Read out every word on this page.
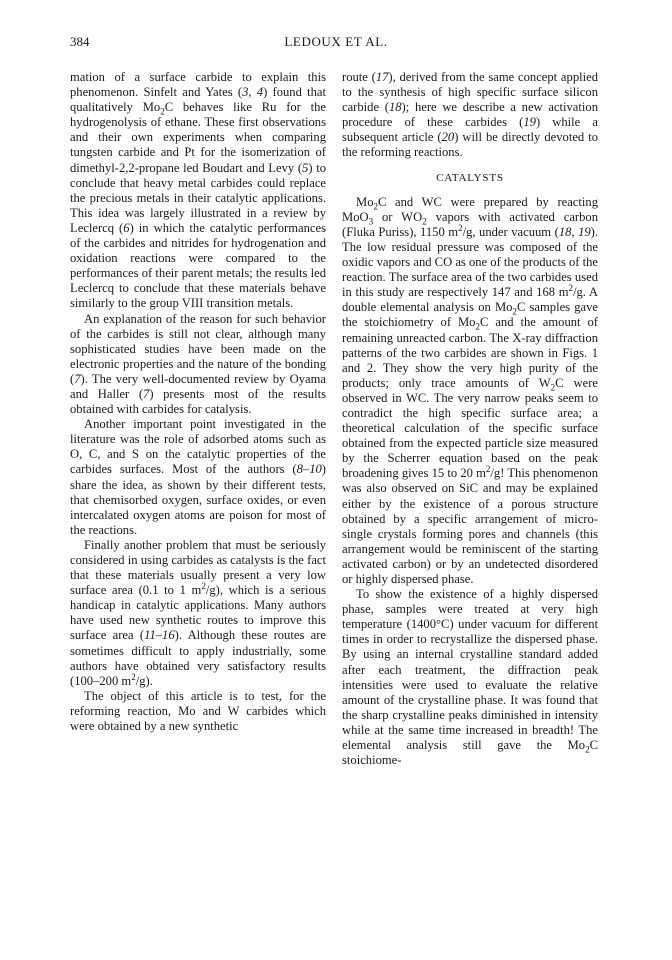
384	LEDOUX ET AL.

mation of a surface carbide to explain this phenomenon. Sinfelt and Yates (3, 4) found that qualitatively $Mo_2C$ behaves like Ru for the hydrogenolysis of ethane. These first observations and their own experiments when comparing tungsten carbide and Pt for the isomerization of dimethyl-2,2-propane led Boudart and Levy (5) to conclude that heavy metal carbides could replace the precious metals in their catalytic applications. This idea was largely illustrated in a review by Leclercq (6) in which the catalytic performances of the carbides and nitrides for hydrogenation and oxidation reactions were compared to the performances of their parent metals; the results led Leclercq to conclude that these materials behave similarly to the group VIII transition metals.

An explanation of the reason for such behavior of the carbides is still not clear, although many sophisticated studies have been made on the electronic properties and the nature of the bonding (7). The very well-documented review by Oyama and Haller (7) presents most of the results obtained with carbides for catalysis.

Another important point investigated in the literature was the role of adsorbed atoms such as O, C, and S on the catalytic properties of the carbides surfaces. Most of the authors (8–10) share the idea, as shown by their different tests, that chemisorbed oxygen, surface oxides, or even intercalated oxygen atoms are poison for most of the reactions.

Finally another problem that must be seriously considered in using carbides as catalysts is the fact that these materials usually present a very low surface area (0.1 to 1 $m^2/g$), which is a serious handicap in catalytic applications. Many authors have used new synthetic routes to improve this surface area (11–16). Although these routes are sometimes difficult to apply industrially, some authors have obtained very satisfactory results (100–200 $m^2/g$).

The object of this article is to test, for the reforming reaction, Mo and W carbides which were obtained by a new synthetic

route (17), derived from the same concept applied to the synthesis of high specific surface silicon carbide (18); here we describe a new activation procedure of these carbides (19) while a subsequent article (20) will be directly devoted to the reforming reactions.

CATALYSTS

$Mo_2C$ and WC were prepared by reacting MoO$_3$ or $WO_2$ vapors with activated carbon (Fluka Puriss), 1150 $m^2/g$, under vacuum (18, 19). The low residual pressure was composed of the oxidic vapors and CO as one of the products of the reaction. The surface area of the two carbides used in this study are respectively 147 and 168 $m^2/g$. A double elemental analysis on $Mo_2C$ samples gave the stoichiometry of $Mo_2C$ and the amount of remaining unreacted carbon. The X-ray diffraction patterns of the two carbides are shown in Figs. 1 and 2. They show the very high purity of the products; only trace amounts of $W_2C$ were observed in WC. The very narrow peaks seem to contradict the high specific surface area; a theoretical calculation of the specific surface obtained from the expected particle size measured by the Scherrer equation based on the peak broadening gives 15 to 20 $m^2/g$! This phenomenon was also observed on SiC and may be explained either by the existence of a porous structure obtained by a specific arrangement of micro-single crystals forming pores and channels (this arrangement would be reminiscent of the starting activated carbon) or by an undetected disordered or highly dispersed phase.

To show the existence of a highly dispersed phase, samples were treated at very high temperature (1400°C) under vacuum for different times in order to recrystallize the dispersed phase. By using an internal crystalline standard added after each treatment, the diffraction peak intensities were used to evaluate the relative amount of the crystalline phase. It was found that the sharp crystalline peaks diminished in intensity while at the same time increased in breadth! The elemental analysis still gave the $Mo_2C$ stoichiome-
